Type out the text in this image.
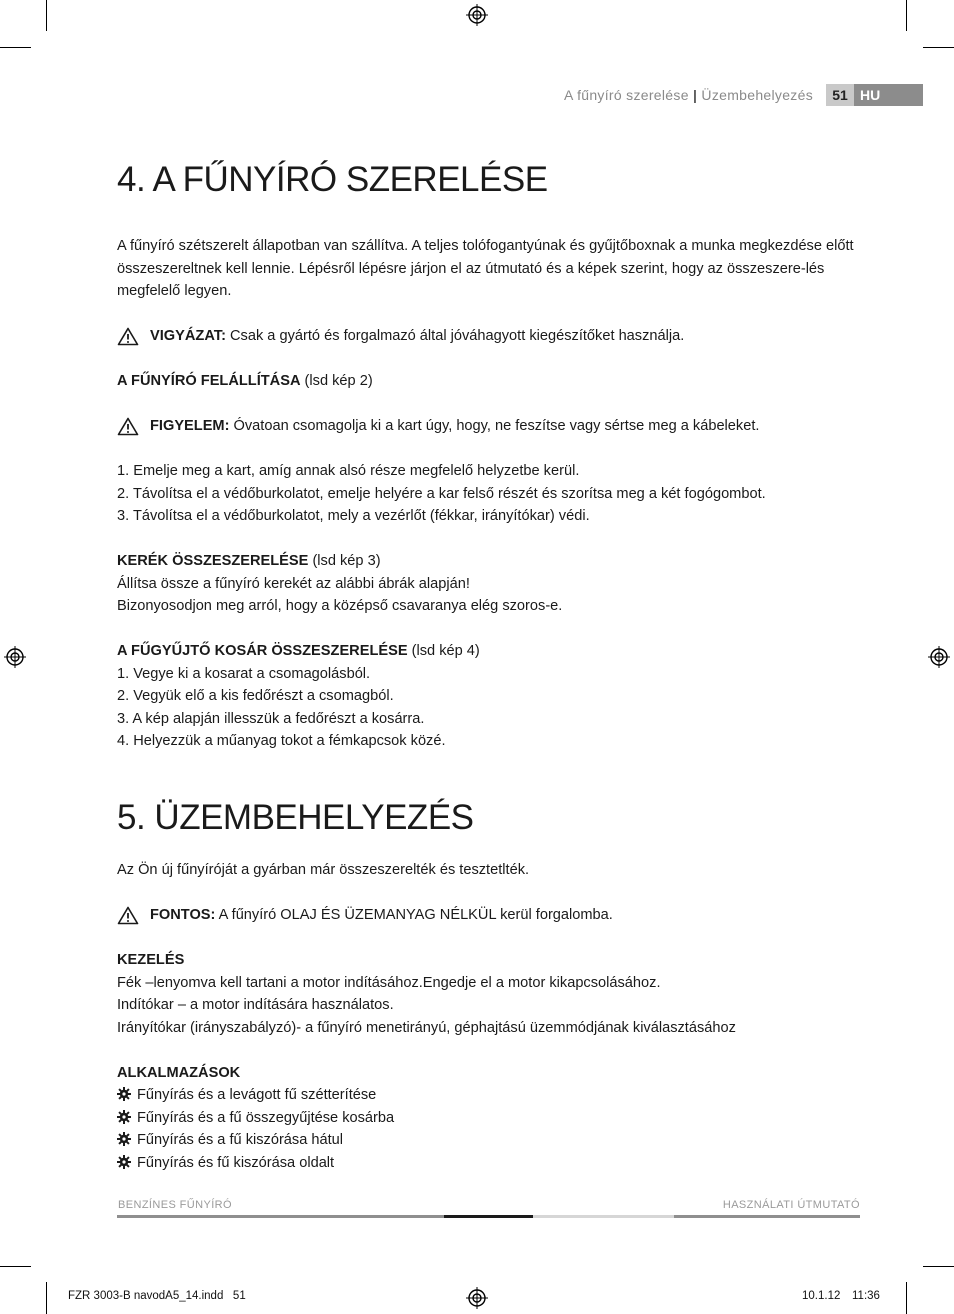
A fűnyíró szerelése | Üzembehelyezés	51 HU
4. A FŰNYÍRÓ SZERELÉSE

A fűnyíró szétszerelt állapotban van szállítva. A teljes tolófogantyúnak és gyűjtőboxnak a munka megkezdése előtt összeszereltnek kell lennie. Lépésről lépésre járjon el az útmutató és a képek szerint, hogy az összeszere-lés megfelelő legyen.

VIGYÁZAT: Csak a gyártó és forgalmazó által jóváhagyott kiegészítőket használja.
A FŰNYÍRÓ FELÁLLÍTÁSA (lsd kép 2)
FIGYELEM: Óvatoan csomagolja ki a kart úgy, hogy, ne feszítse vagy sértse meg a kábeleket.
1. Emelje meg a kart, amíg annak alsó része megfelelő helyzetbe kerül.
2. Távolítsa el a védőburkolatot, emelje helyére a kar felső részét és szorítsa meg a két fogógombot.
3. Távolítsa el a védőburkolatot, mely a vezérlőt (fékkar, irányítókar) védi.
KERÉK ÖSSZESZERELÉSE (lsd kép 3)
Állítsa össze a fűnyíró kerekét az alábbi ábrák alapján!
Bizonyosodjon meg arról, hogy a középső csavaranya elég szoros-e.
A FŰGYŰJTŐ KOSÁR ÖSSZESZERELÉSE (lsd kép 4)
1. Vegye ki a kosarat a csomagolásból.
2. Vegyük elő a kis fedőrészt a csomagból.
3. A kép alapján illesszük a fedőrészt a kosárra.
4. Helyezzük a műanyag tokot a fémkapcsok közé.
5. ÜZEMBEHELYEZÉS
Az Ön új fűnyíróját a gyárban már összeszerelték és tesztetlték.
FONTOS: A fűnyíró OLAJ ÉS ÜZEMANYAG NÉLKÜL kerül forgalomba.
KEZELÉS
Fék –lenyomva kell tartani a motor indításához.Engedje el a motor kikapcsolásához.
Indítókar – a motor indítására használatos.
Irányítókar (irányszabályzó)- a fűnyíró menetirányú, géphajtású üzemmódjának kiválasztásához
ALKALMAZÁSOK
Fűnyírás és a levágott fű szétterítése
Fűnyírás és a fű összegyűjtése kosárba
Fűnyírás és a fű kiszórása hátul
Fűnyírás és fű kiszórása oldalt
BENZÍNES FŰNYÍRÓ	HASZNÁLATI ÚTMUTATÓ
FZR 3003-B navodA5_14.indd   51	10.1.12 11:36
